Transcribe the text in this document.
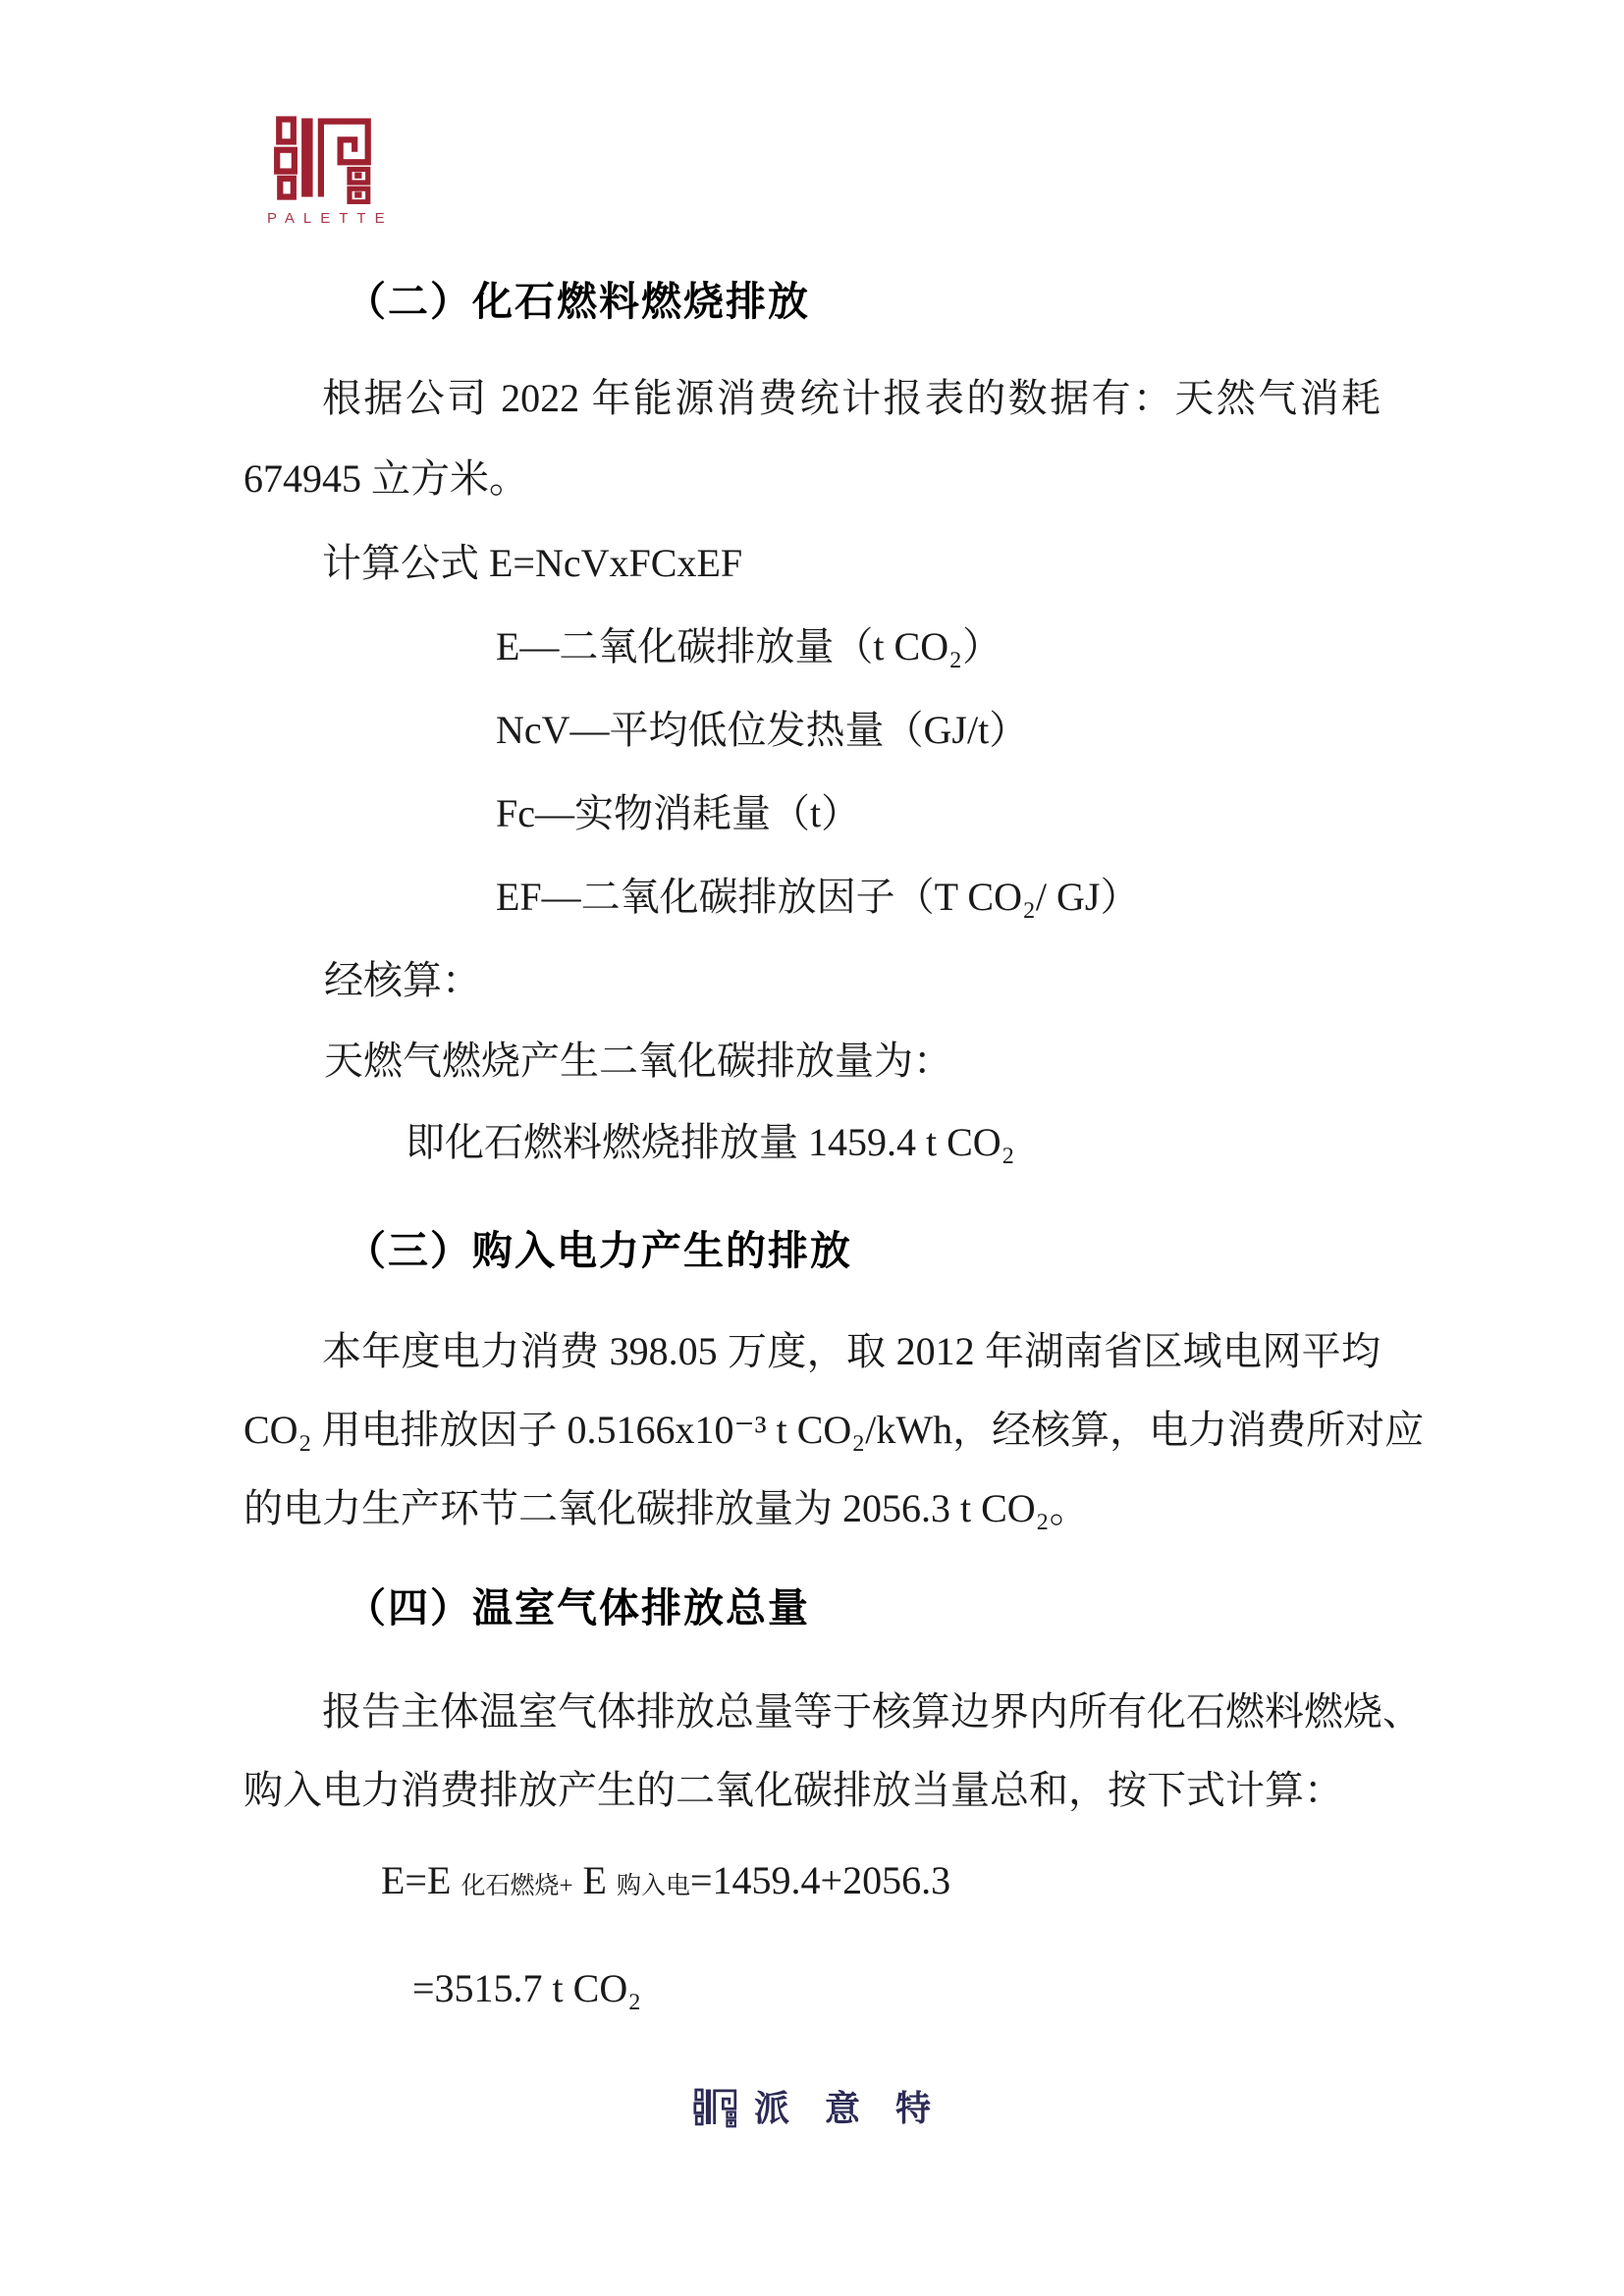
PALETTE
（二）化石燃料燃烧排放
根据公司 2022 年能源消费统计报表的数据有：天然气消耗
674945 立方米。
计算公式 E=NcVxFCxEF
E—二氧化碳排放量（t CO₂）
NcV—平均低位发热量（GJ/t）
Fc—实物消耗量（t）
EF—二氧化碳排放因子（T CO₂/ GJ）
经核算：
天燃气燃烧产生二氧化碳排放量为：
即化石燃料燃烧排放量 1459.4 t CO₂
（三）购入电力产生的排放
本年度电力消费 398.05 万度，取 2012 年湖南省区域电网平均
CO₂ 用电排放因子 0.5166x10⁻³ t CO₂/kWh，经核算，电力消费所对应
的电力生产环节二氧化碳排放量为 2056.3 t CO₂。
（四）温室气体排放总量
报告主体温室气体排放总量等于核算边界内所有化石燃料燃烧、
购入电力消费排放产生的二氧化碳排放当量总和，按下式计算：
E=E 化石燃烧+ E 购入电=1459.4+2056.3
=3515.7 t CO₂
派意特
